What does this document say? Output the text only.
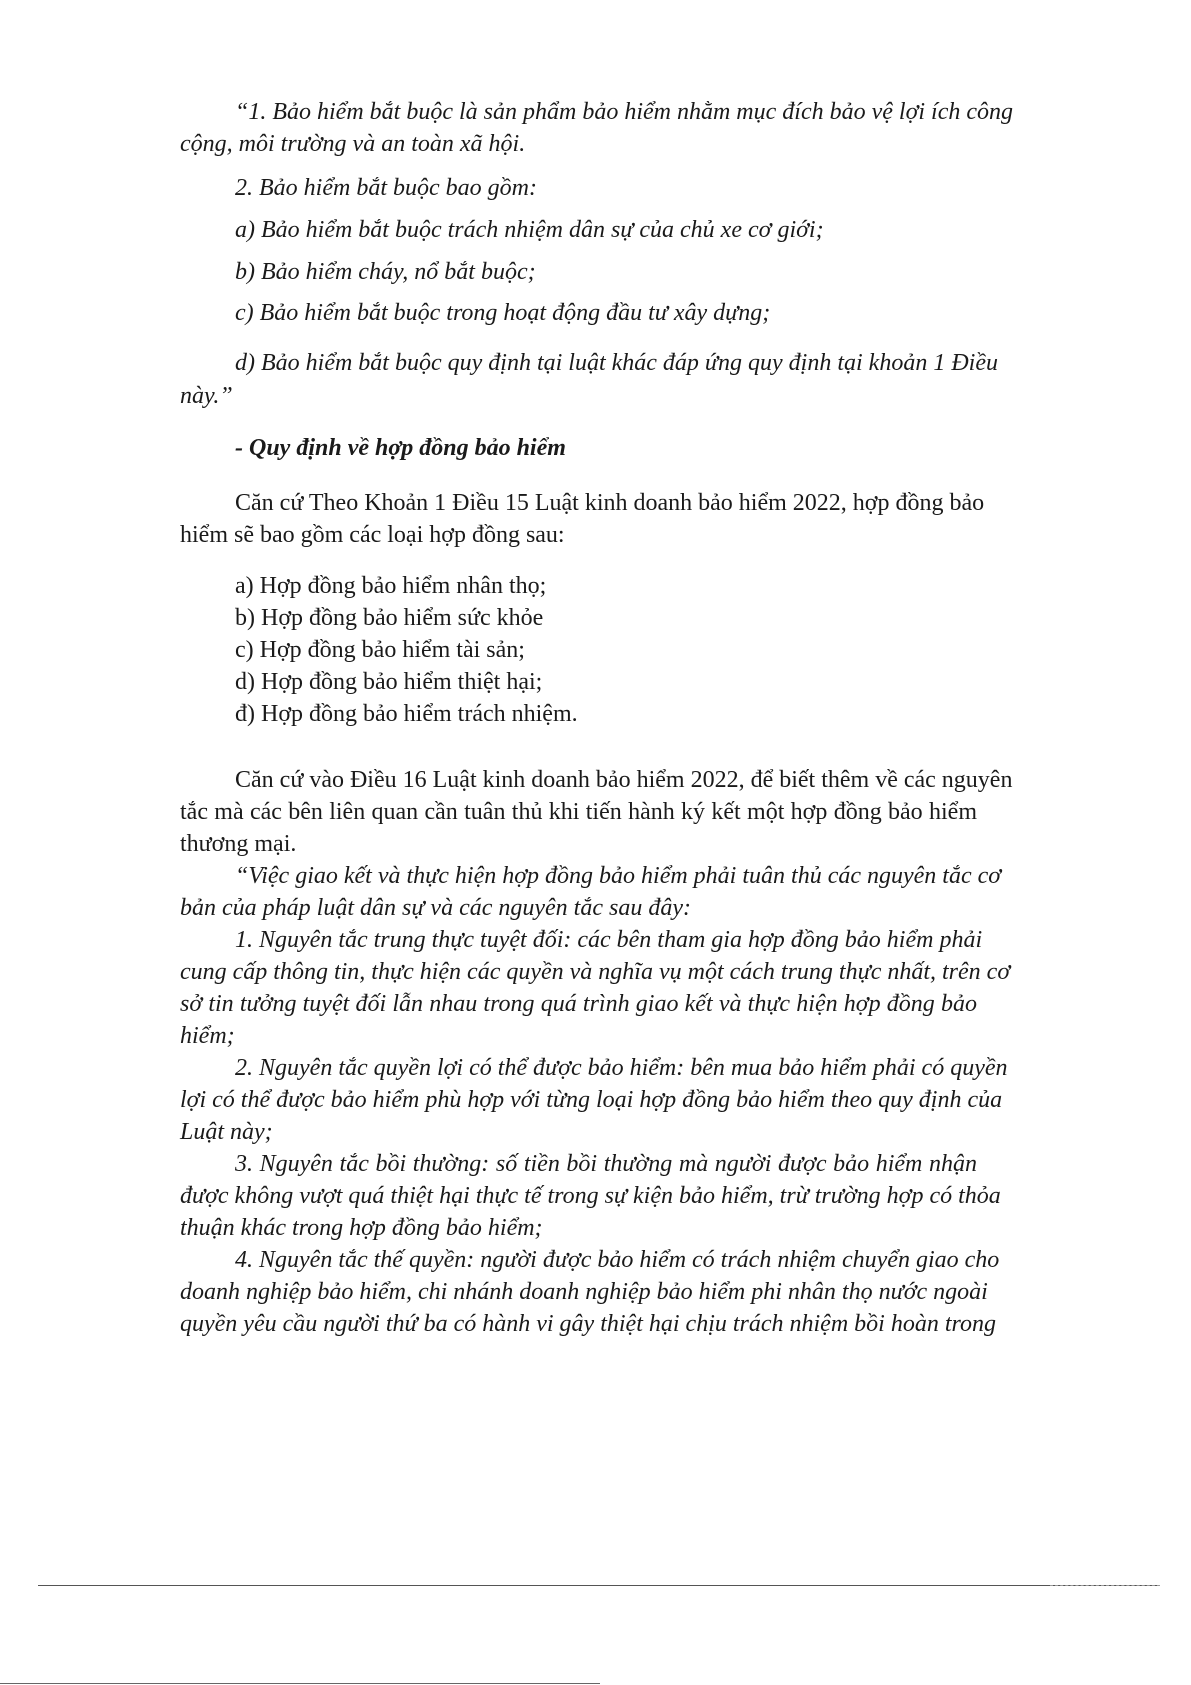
“1. Bảo hiểm bắt buộc là sản phẩm bảo hiểm nhằm mục đích bảo vệ lợi ích công

cộng, môi trường và an toàn xã hội.

2. Bảo hiểm bắt buộc bao gồm:

a) Bảo hiểm bắt buộc trách nhiệm dân sự của chủ xe cơ giới;

b) Bảo hiểm cháy, nổ bắt buộc;

c) Bảo hiểm bắt buộc trong hoạt động đầu tư xây dựng;

d) Bảo hiểm bắt buộc quy định tại luật khác đáp ứng quy định tại khoản 1 Điều

này.”

- Quy định về hợp đồng bảo hiểm

Căn cứ Theo Khoản 1 Điều 15 Luật kinh doanh bảo hiểm 2022, hợp đồng bảo

hiểm sẽ bao gồm các loại hợp đồng sau:

a) Hợp đồng bảo hiểm nhân thọ;

b) Hợp đồng bảo hiểm sức khỏe

c) Hợp đồng bảo hiểm tài sản;

d) Hợp đồng bảo hiểm thiệt hại;

đ) Hợp đồng bảo hiểm trách nhiệm.

Căn cứ vào Điều 16 Luật kinh doanh bảo hiểm 2022, để biết thêm về các nguyên

tắc mà các bên liên quan cần tuân thủ khi tiến hành ký kết một hợp đồng bảo hiểm

thương mại.

“Việc giao kết và thực hiện hợp đồng bảo hiểm phải tuân thủ các nguyên tắc cơ

bản của pháp luật dân sự và các nguyên tắc sau đây:

1. Nguyên tắc trung thực tuyệt đối: các bên tham gia hợp đồng bảo hiểm phải

cung cấp thông tin, thực hiện các quyền và nghĩa vụ một cách trung thực nhất, trên cơ

sở tin tưởng tuyệt đối lẫn nhau trong quá trình giao kết và thực hiện hợp đồng bảo

hiểm;

2. Nguyên tắc quyền lợi có thể được bảo hiểm: bên mua bảo hiểm phải có quyền

lợi có thể được bảo hiểm phù hợp với từng loại hợp đồng bảo hiểm theo quy định của

Luật này;

3. Nguyên tắc bồi thường: số tiền bồi thường mà người được bảo hiểm nhận

được không vượt quá thiệt hại thực tế trong sự kiện bảo hiểm, trừ trường hợp có thỏa

thuận khác trong hợp đồng bảo hiểm;

4. Nguyên tắc thế quyền: người được bảo hiểm có trách nhiệm chuyển giao cho

doanh nghiệp bảo hiểm, chi nhánh doanh nghiệp bảo hiểm phi nhân thọ nước ngoài

quyền yêu cầu người thứ ba có hành vi gây thiệt hại chịu trách nhiệm bồi hoàn trong
